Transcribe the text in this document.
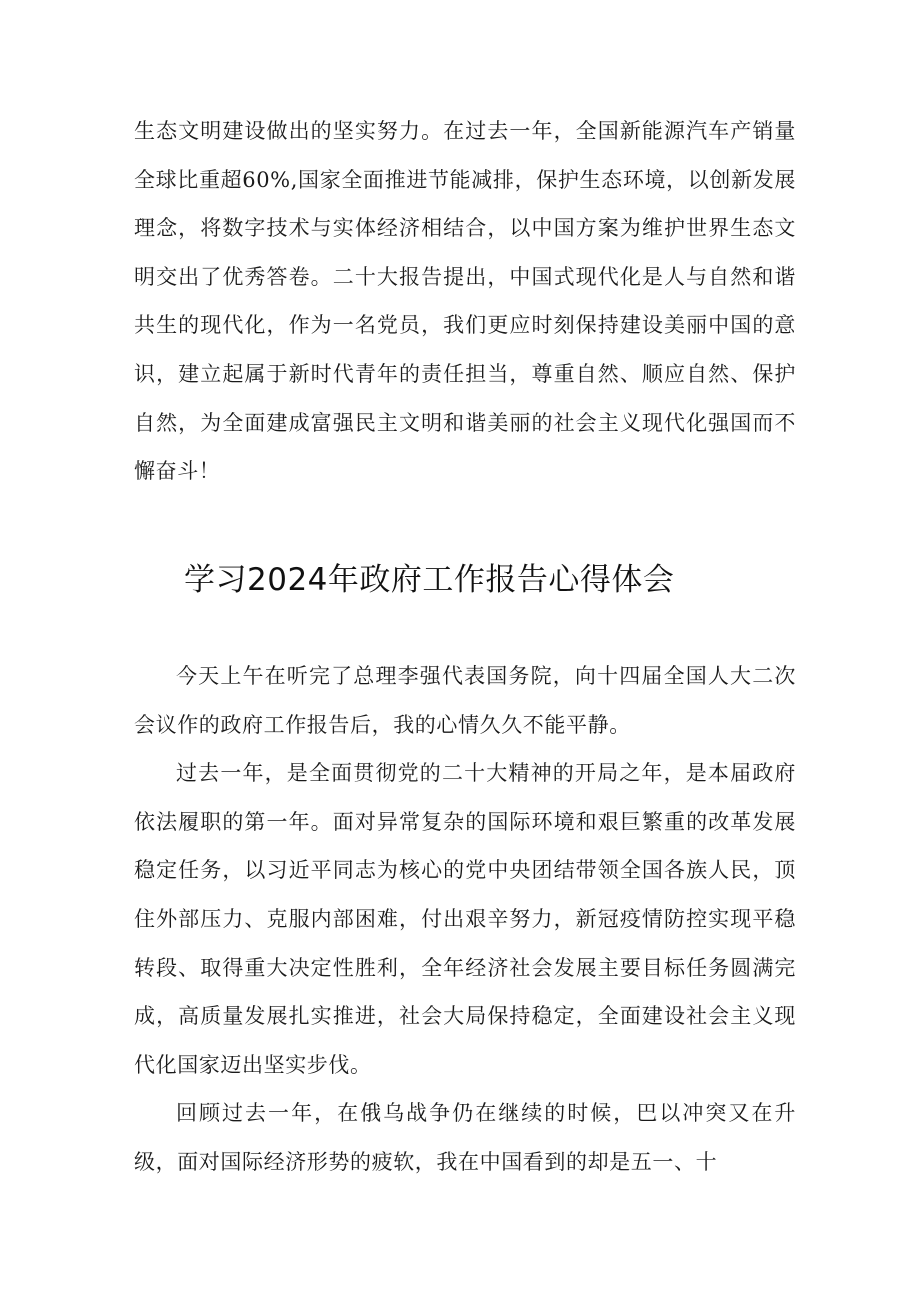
生态文明建设做出的坚实努力。在过去一年，全国新能源汽车产销量全球比重超60%,国家全面推进节能减排，保护生态环境，以创新发展理念，将数字技术与实体经济相结合，以中国方案为维护世界生态文明交出了优秀答卷。二十大报告提出，中国式现代化是人与自然和谐共生的现代化，作为一名党员，我们更应时刻保持建设美丽中国的意识，建立起属于新时代青年的责任担当，尊重自然、顺应自然、保护自然，为全面建成富强民主文明和谐美丽的社会主义现代化强国而不懈奋斗！

学习2024年政府工作报告心得体会

今天上午在听完了总理李强代表国务院，向十四届全国人大二次会议作的政府工作报告后，我的心情久久不能平静。

过去一年，是全面贯彻党的二十大精神的开局之年，是本届政府依法履职的第一年。面对异常复杂的国际环境和艰巨繁重的改革发展稳定任务，以习近平同志为核心的党中央团结带领全国各族人民，顶住外部压力、克服内部困难，付出艰辛努力，新冠疫情防控实现平稳转段、取得重大决定性胜利，全年经济社会发展主要目标任务圆满完成，高质量发展扎实推进，社会大局保持稳定，全面建设社会主义现代化国家迈出坚实步伐。

回顾过去一年，在俄乌战争仍在继续的时候，巴以冲突又在升级，面对国际经济形势的疲软，我在中国看到的却是五一、十
